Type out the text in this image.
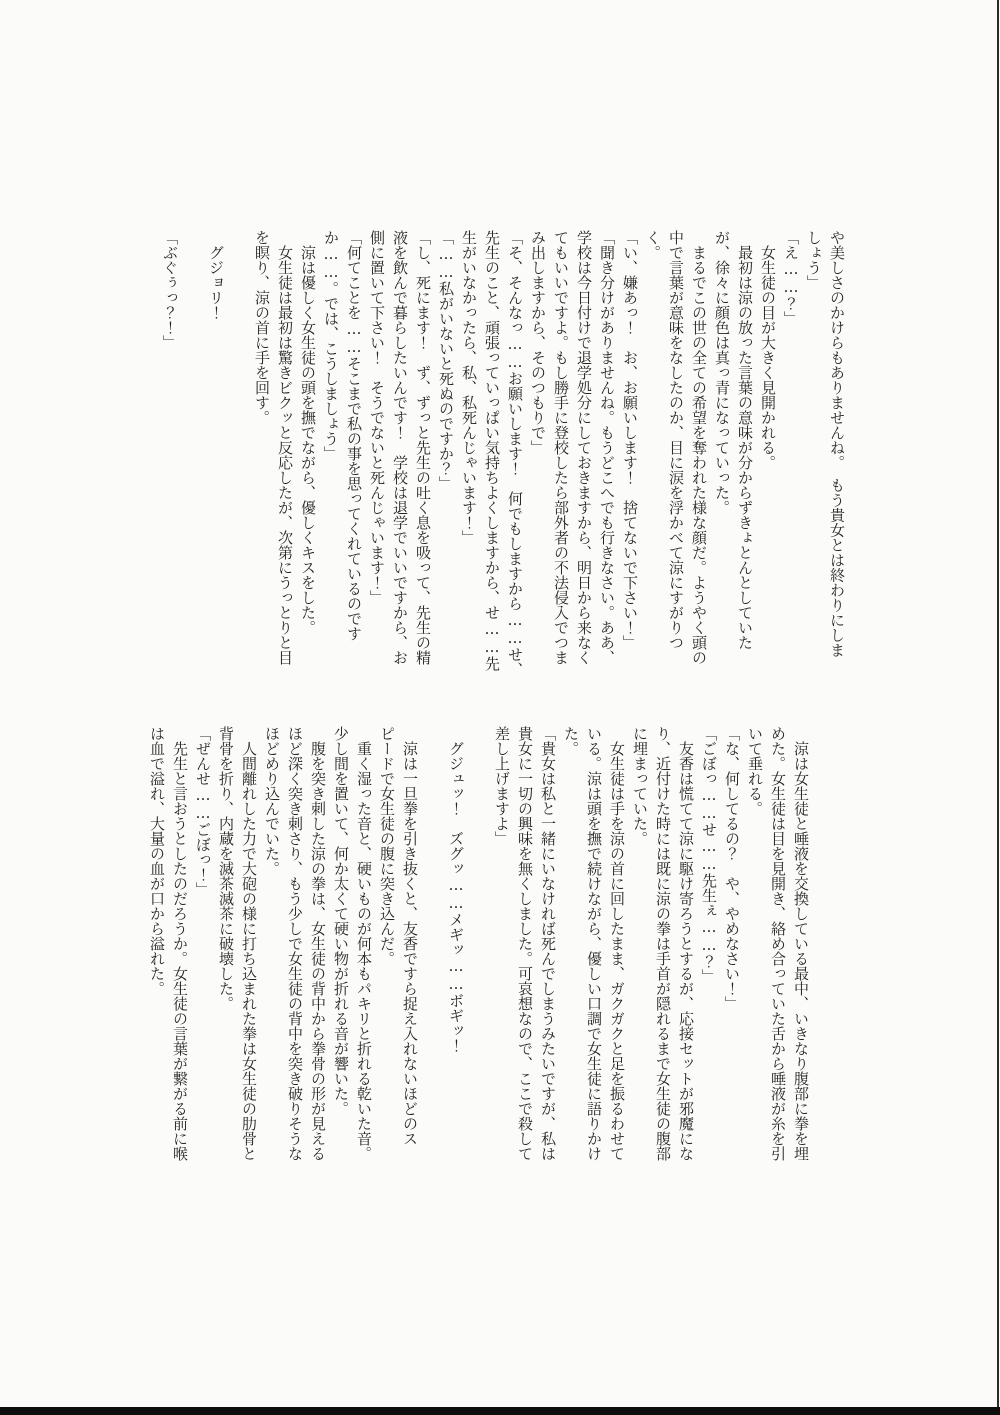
や美しさのかけらもありませんね。　もう貴女とは終わりにしま
しょう」
「え……？」
　女生徒の目が大きく見開かれる。
　最初は涼の放った言葉の意味が分からずきょとんとしていた
が、徐々に顔色は真っ青になっていった。
　まるでこの世の全ての希望を奪われた様な顔だ。ようやく頭の
中で言葉が意味をなしたのか、目に涙を浮かべて涼にすがりつ
く。
「い、嫌あっ！　お、お願いします！　捨てないで下さい！」
「聞き分けがありませんね。もうどこへでも行きなさい。ああ、
学校は今日付けで退学処分にしておきますから、明日から来なく
てもいいですよ。もし勝手に登校したら部外者の不法侵入でつま
み出しますから、そのつもりで」
「そ、そんなっ……お願いします！　何でもしますから……せ、
先生のこと、頑張っていっぱい気持ちよくしますから、せ……先
生がいなかったら、私、私死んじゃいます！」
「……私がいないと死ぬのですか？」
「し、死にます！　ず、ずっと先生の吐く息を吸って、先生の精
液を飲んで暮らしたいんです！　学校は退学でいいですから、お
側に置いて下さい！　そうでないと死んじゃいます！」
「何てことを……そこまで私の事を思ってくれているのです
か……。では、こうしましょう」
　涼は優しく女生徒の頭を撫でながら、優しくキスをした。
　女生徒は最初は驚きビクッと反応したが、次第にうっとりと目
を瞑り、涼の首に手を回す。
　グジョリ！
「ぶぐぅっ？！」
　涼は女生徒と唾液を交換している最中、いきなり腹部に拳を埋
めた。女生徒は目を見開き、絡め合っていた舌から唾液が糸を引
いて垂れる。
「な、何してるの？　や、やめなさい！」
「ごぼっ……せ……先生ぇ……？」
　友香は慌てて涼に駆け寄ろうとするが、応接セットが邪魔にな
り、近付けた時には既に涼の拳は手首が隠れるまで女生徒の腹部
に埋まっていた。
　女生徒は手を涼の首に回したまま、ガクガクと足を振るわせて
いる。涼は頭を撫で続けながら、優しい口調で女生徒に語りかけ
た。
「貴女は私と一緒にいなければ死んでしまうみたいですが、私は
貴女に一切の興味を無くしました。可哀想なので、ここで殺して
差し上げますよ」
　グジュッ！　ズグッ……メギッ……ボギッ！
　涼は一旦拳を引き抜くと、友香ですら捉え入れないほどのス
ピードで女生徒の腹に突き込んだ。
　重く湿った音と、硬いものが何本もパキリと折れる乾いた音。
少し間を置いて、何か太くて硬い物が折れる音が響いた。
　腹を突き刺した涼の拳は、女生徒の背中から拳骨の形が見える
ほど深く突き刺さり、もう少しで女生徒の背中を突き破りそうな
ほどめり込んでいた。
　人間離れした力で大砲の様に打ち込まれた拳は女生徒の肋骨と
背骨を折り、内蔵を滅茶滅茶に破壊した。
「ぜんせ……ごぼっ！」
　先生と言おうとしたのだろうか。女生徒の言葉が繋がる前に喉
は血で溢れ、大量の血が口から溢れた。
